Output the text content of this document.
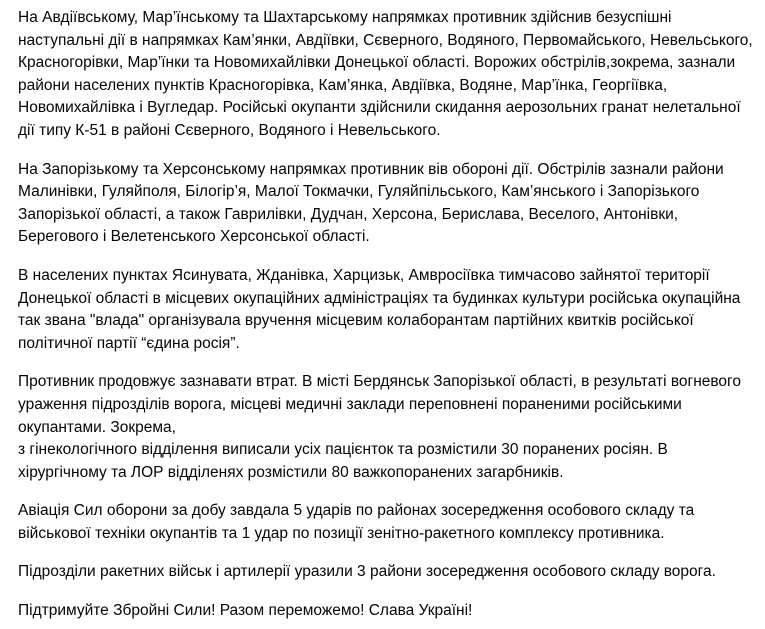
На Авдіївському, Мар’їнському та Шахтарському напрямках противник здійснив безуспішні наступальні дії в напрямках Кам’янки, Авдіївки, Сєверного, Водяного, Первомайського, Невельського, Красногорівки, Мар’їнки та Новомихайлівки Донецької області. Ворожих обстрілів,зокрема, зазнали райони населених пунктів Красногорівка, Кам’янка, Авдіївка, Водяне, Мар’їнка, Георгіївка, Новомихайлівка і Вугледар. Російські окупанти здійснили скидання аерозольних гранат нелетальної дії типу К-51 в районі Сєверного, Водяного і Невельського.

На Запорізькому та Херсонському напрямках противник вів обороні дії. Обстрілів зазнали райони Малинівки, Гуляйполя, Білогір’я, Малої Токмачки, Гуляйпільського, Кам’янського і Запорізького Запорізької області, а також Гаврилівки, Дудчан, Херсона, Берислава, Веселого, Антонівки, Берегового і Велетенського Херсонської області.

В населених пунктах Ясинувата, Жданівка, Харцизьк, Амвросіївка тимчасово зайнятої території Донецької області в місцевих окупаційних адміністраціях та будинках культури російська окупаційна так звана "влада" організувала вручення місцевим колаборантам партійних квитків російської політичної партії “єдина росія”.

Противник продовжує зазнавати втрат. В місті Бердянськ Запорізької області, в результаті вогневого ураження підрозділів ворога, місцеві медичні заклади переповнені пораненими російськими окупантами. Зокрема,
з гінекологічного відділення виписали усіх пацієнток та розмістили 30 поранених росіян. В хірургічному та ЛОР відділенях розмістили 80 важкопоранених загарбників.

Авіація Сил оборони за добу завдала 5 ударів по районах зосередження особового складу та військової техніки окупантів та 1 удар по позиції зенітно-ракетного комплексу противника.

Підрозділи ракетних військ і артилерії уразили 3 райони зосередження особового складу ворога.

Підтримуйте Збройні Сили! Разом переможемо! Слава Україні!
